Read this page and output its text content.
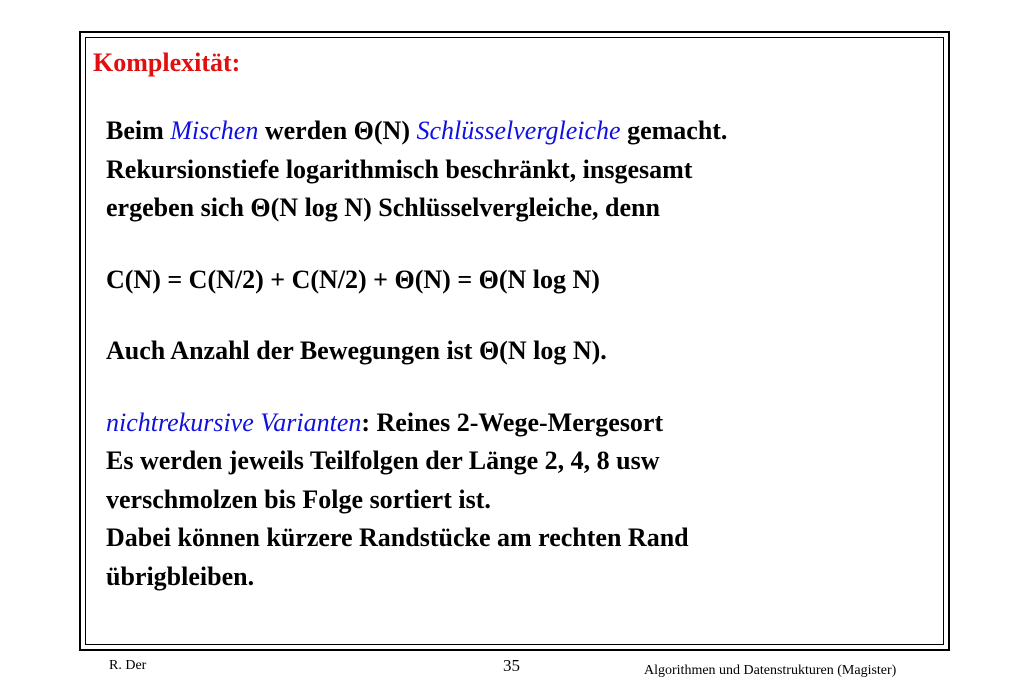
Komplexität:
Beim Mischen werden Θ(N) Schlüsselvergleiche gemacht.
Rekursionstiefe logarithmisch beschränkt, insgesamt
ergeben sich Θ(N log N) Schlüsselvergleiche, denn
C(N) = C(N/2) + C(N/2) + Θ(N) = Θ(N log N)
Auch Anzahl der Bewegungen ist Θ(N log N).
nichtrekursive Varianten: Reines 2-Wege-Mergesort
Es werden jeweils Teilfolgen der Länge 2, 4, 8 usw
verschmolzen bis Folge sortiert ist.
Dabei können kürzere Randstücke am rechten Rand
übrigbleiben.
R. Der	35	Algorithmen und Datenstrukturen (Magister)
